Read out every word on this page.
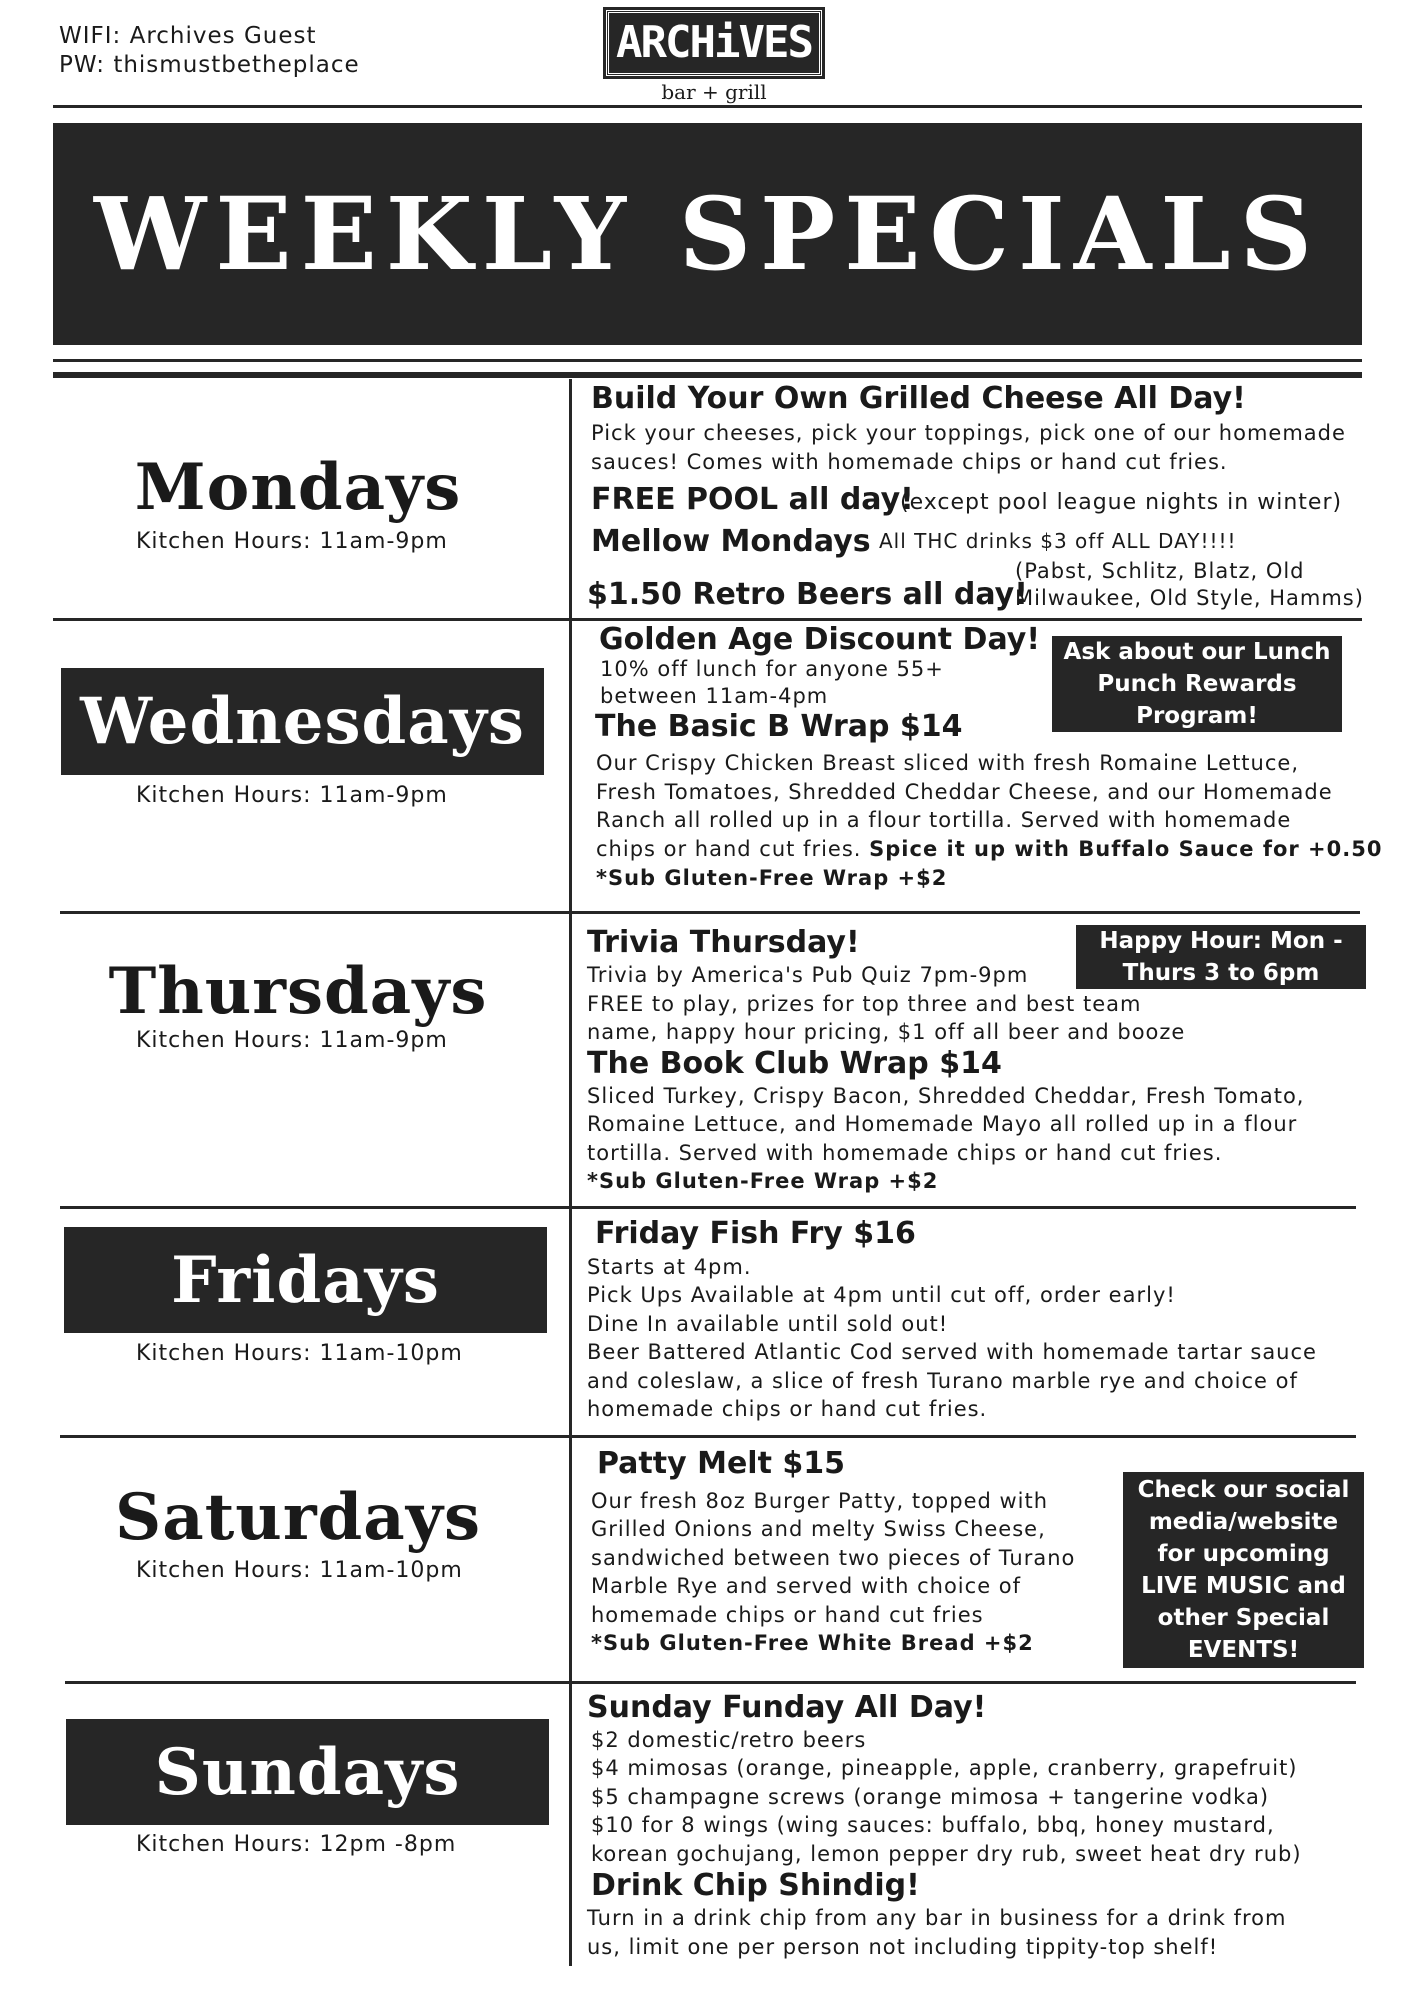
WIFI: Archives Guest
PW: thismustbetheplace	ARCHiVES
bar + grill
WEEKLY SPECIALS
Mondays
Kitchen Hours: 11am-9pm
Build Your Own Grilled Cheese All Day!
Pick your cheeses, pick your toppings, pick one of our homemade
sauces! Comes with homemade chips or hand cut fries.
FREE POOL all day!
(except pool league nights in winter)
Mellow Mondays All THC drinks $3 off ALL DAY!!!!
$1.50 Retro Beers all day!
(Pabst, Schlitz, Blatz, Old
Milwaukee, Old Style, Hamms)
Wednesdays
Kitchen Hours: 11am-9pm
Golden Age Discount Day!
10% off lunch for anyone 55+
between 11am-4pm
Ask about our Lunch Punch Rewards Program!
The Basic B Wrap $14
Our Crispy Chicken Breast sliced with fresh Romaine Lettuce,
Fresh Tomatoes, Shredded Cheddar Cheese, and our Homemade
Ranch all rolled up in a flour tortilla. Served with homemade
chips or hand cut fries. Spice it up with Buffalo Sauce for +0.50
*Sub Gluten-Free Wrap +$2
Thursdays
Kitchen Hours: 11am-9pm
Trivia Thursday!
Trivia by America's Pub Quiz 7pm-9pm
FREE to play, prizes for top three and best team
name, happy hour pricing, $1 off all beer and booze
Happy Hour: Mon - Thurs 3 to 6pm
The Book Club Wrap $14
Sliced Turkey, Crispy Bacon, Shredded Cheddar, Fresh Tomato,
Romaine Lettuce, and Homemade Mayo all rolled up in a flour
tortilla. Served with homemade chips or hand cut fries.
*Sub Gluten-Free Wrap +$2
Fridays
Kitchen Hours: 11am-10pm
Friday Fish Fry $16
Starts at 4pm.
Pick Ups Available at 4pm until cut off, order early!
Dine In available until sold out!
Beer Battered Atlantic Cod served with homemade tartar sauce
and coleslaw, a slice of fresh Turano marble rye and choice of
homemade chips or hand cut fries.
Saturdays
Kitchen Hours: 11am-10pm
Patty Melt $15
Our fresh 8oz Burger Patty, topped with
Grilled Onions and melty Swiss Cheese,
sandwiched between two pieces of Turano
Marble Rye and served with choice of
homemade chips or hand cut fries
*Sub Gluten-Free White Bread +$2
Check our social media/website for upcoming LIVE MUSIC and other Special EVENTS!
Sundays
Kitchen Hours: 12pm -8pm
Sunday Funday All Day!
$2 domestic/retro beers
$4 mimosas (orange, pineapple, apple, cranberry, grapefruit)
$5 champagne screws (orange mimosa + tangerine vodka)
$10 for 8 wings (wing sauces: buffalo, bbq, honey mustard,
korean gochujang, lemon pepper dry rub, sweet heat dry rub)
Drink Chip Shindig!
Turn in a drink chip from any bar in business for a drink from
us, limit one per person not including tippity-top shelf!
